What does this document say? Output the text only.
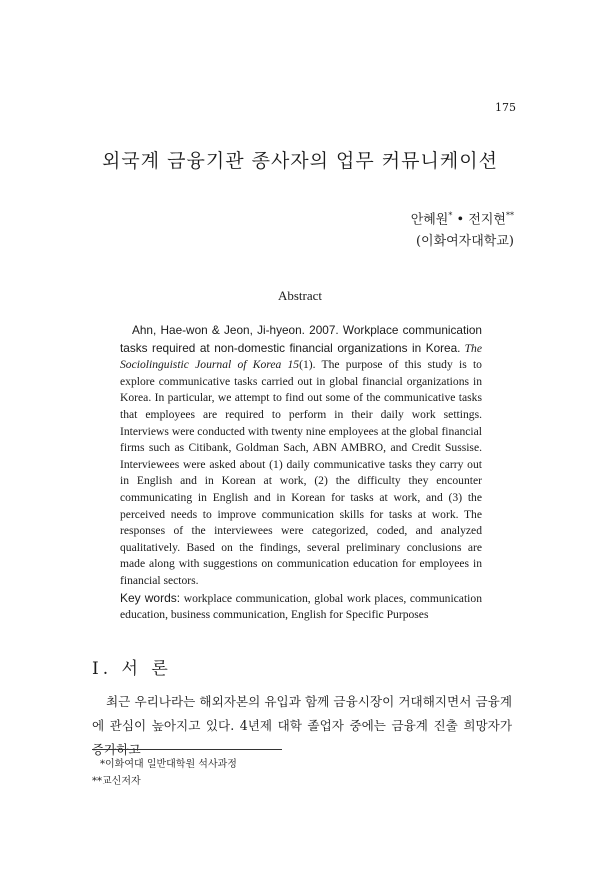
175
외국계 금융기관 종사자의 업무 커뮤니케이션
안혜원* • 전지현**
(이화여자대학교)
Abstract
Ahn, Hae-won & Jeon, Ji-hyeon. 2007. Workplace communication tasks required at non-domestic financial organizations in Korea. The Sociolinguistic Journal of Korea 15(1). The purpose of this study is to explore communicative tasks carried out in global financial organizations in Korea. In particular, we attempt to find out some of the communicative tasks that employees are required to perform in their daily work settings. Interviews were conducted with twenty nine employees at the global financial firms such as Citibank, Goldman Sach, ABN AMBRO, and Credit Sussise. Interviewees were asked about (1) daily communicative tasks they carry out in English and in Korean at work, (2) the difficulty they encounter communicating in English and in Korean for tasks at work, and (3) the perceived needs to improve communication skills for tasks at work. The responses of the interviewees were categorized, coded, and analyzed qualitatively. Based on the findings, several preliminary conclusions are made along with suggestions on communication education for employees in financial sectors.
Key words: workplace communication, global work places, communication education, business communication, English for Specific Purposes
Ⅰ. 서 론
최근 우리나라는 해외자본의 유입과 함께 금융시장이 거대해지면서 금융계에 관심이 높아지고 있다. 4년제 대학 졸업자 중에는 금융계 진출 희망자가 증가하고
*이화여대 일반대학원 석사과정
**교신저자
